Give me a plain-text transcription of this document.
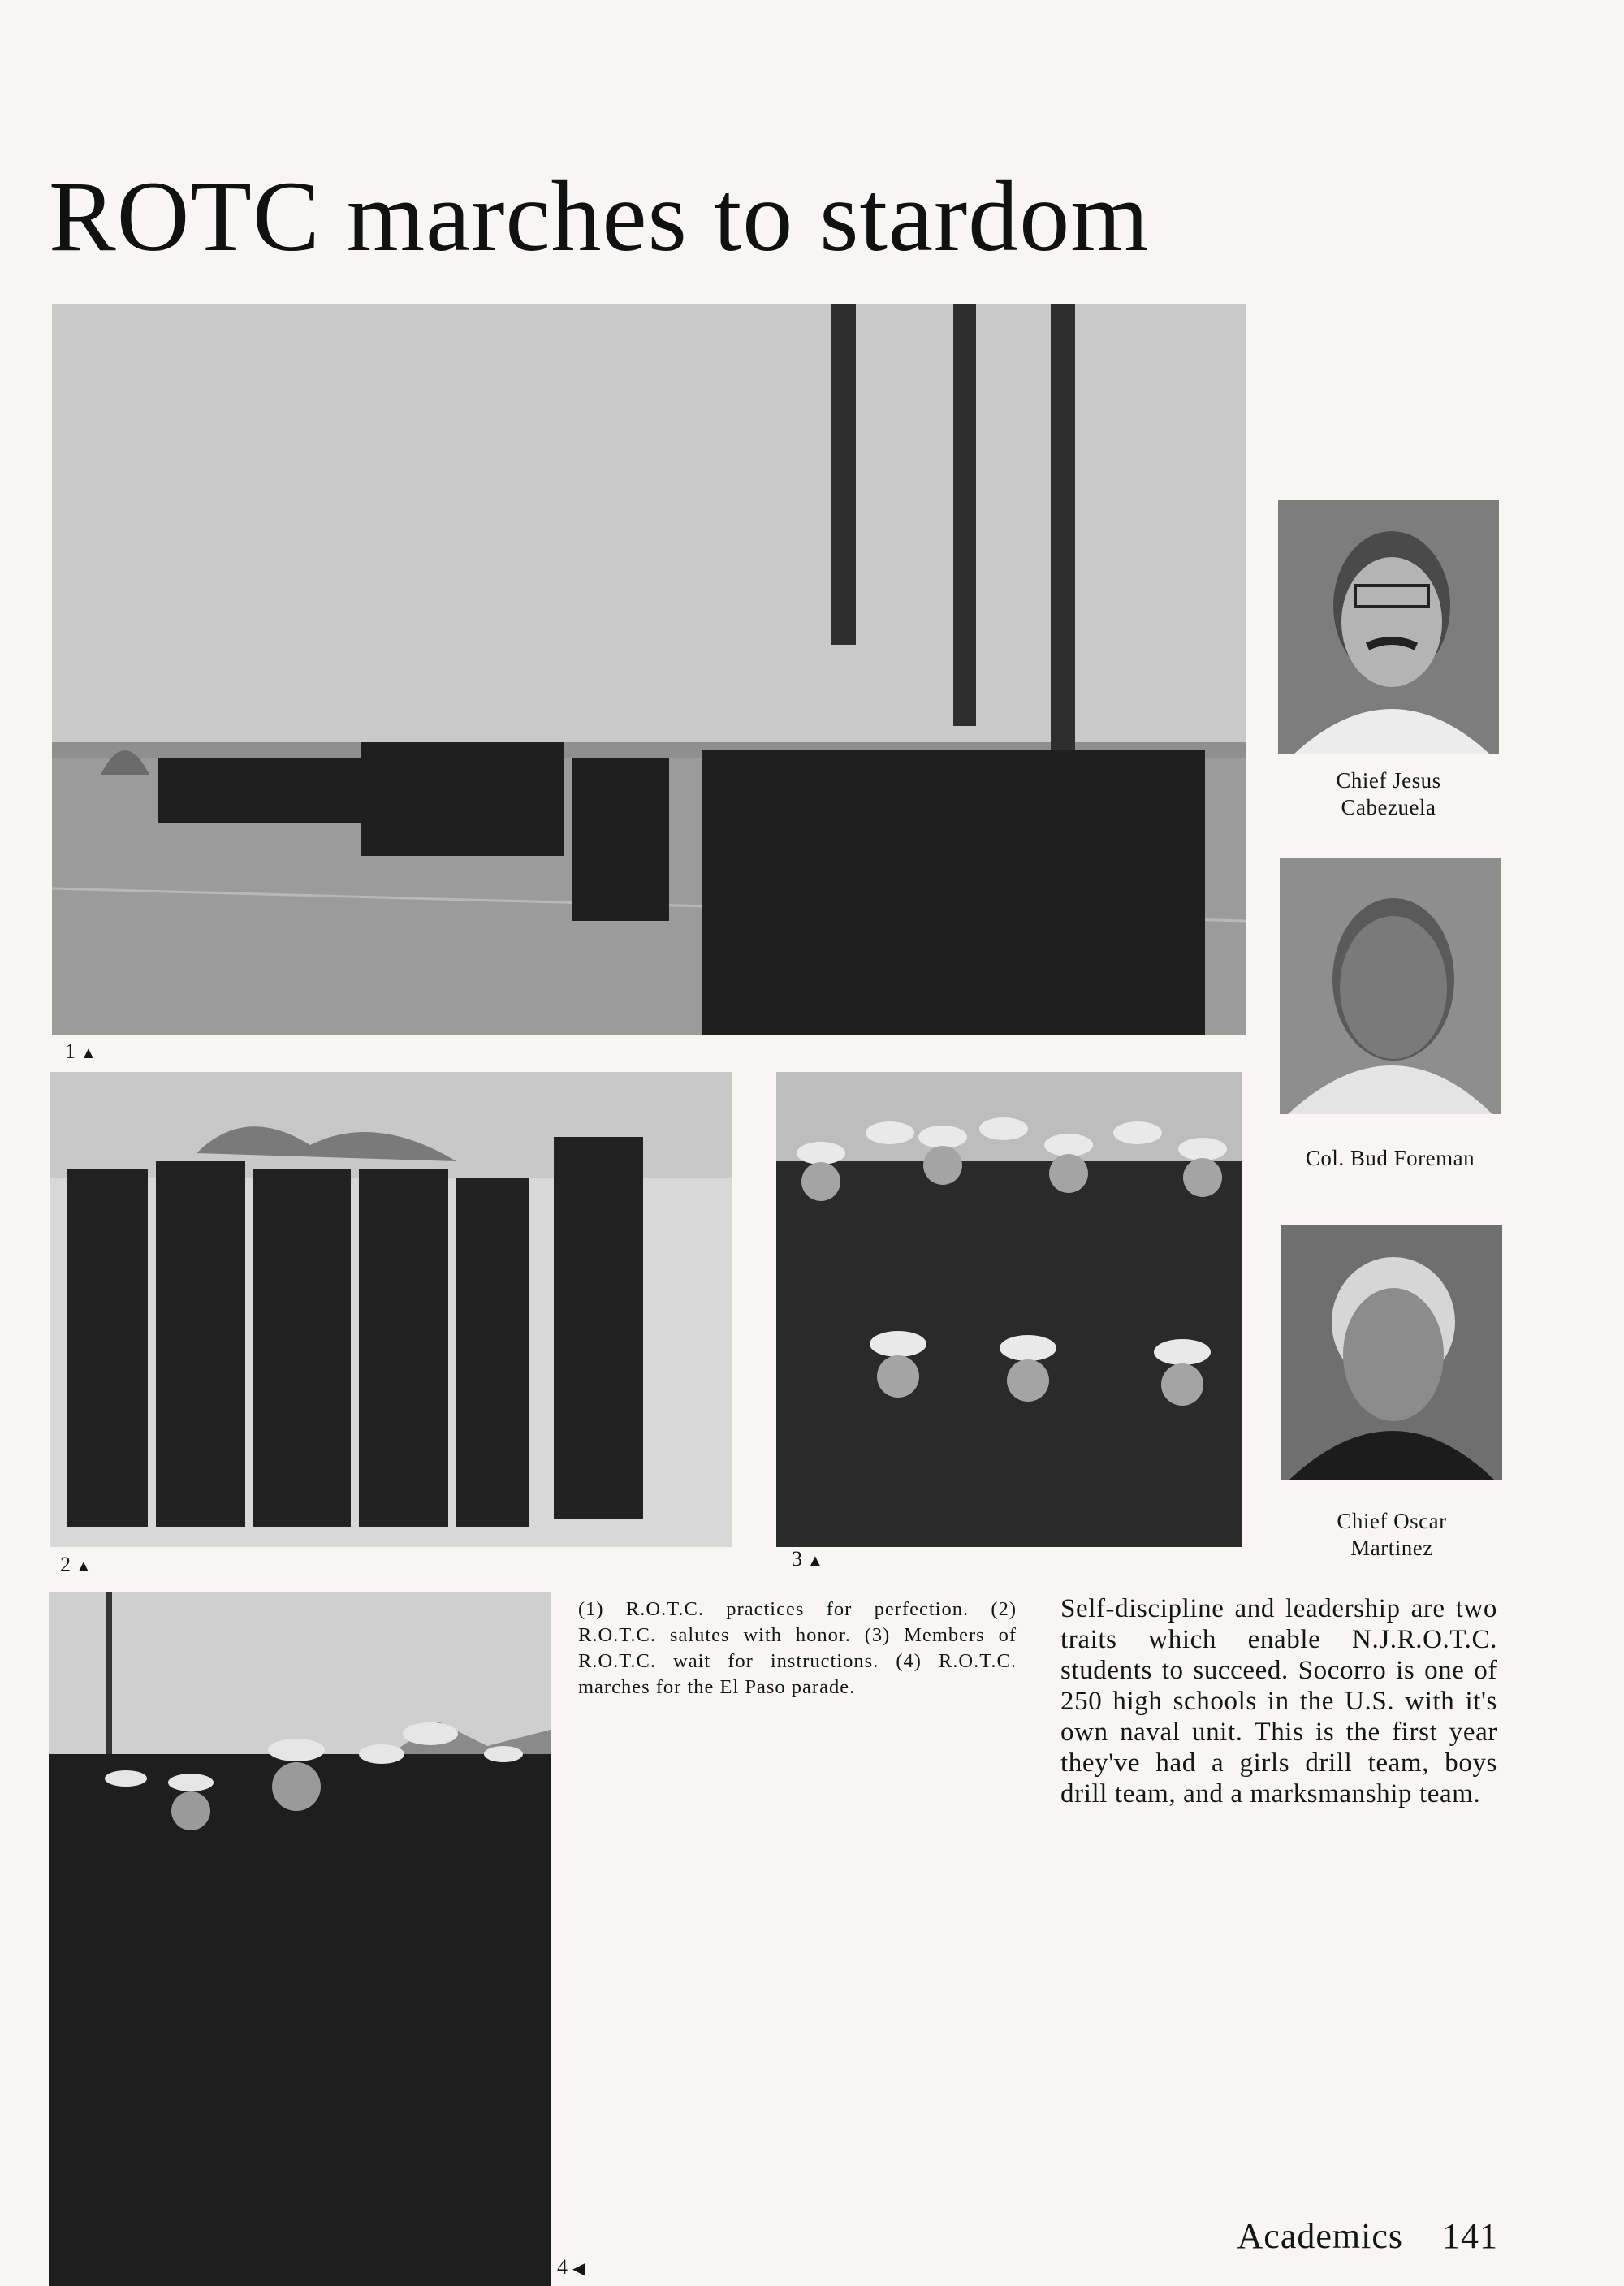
ROTC marches to stardom
1 ▲
2 ▲	3 ▲
4 ◀
Chief Jesus
Cabezuela
Col. Bud Foreman
Chief Oscar
Martinez
(1) R.O.T.C. practices for perfection. (2) R.O.T.C. salutes with honor. (3) Members of R.O.T.C. wait for instructions. (4) R.O.T.C. marches for the El Paso parade.
Self-discipline and leadership are two traits which enable N.J.R.O.T.C. students to succeed. Socorro is one of 250 high schools in the U.S. with it's own naval unit. This is the first year they've had a girls drill team, boys drill team, and a marksmanship team.
Academics 141
